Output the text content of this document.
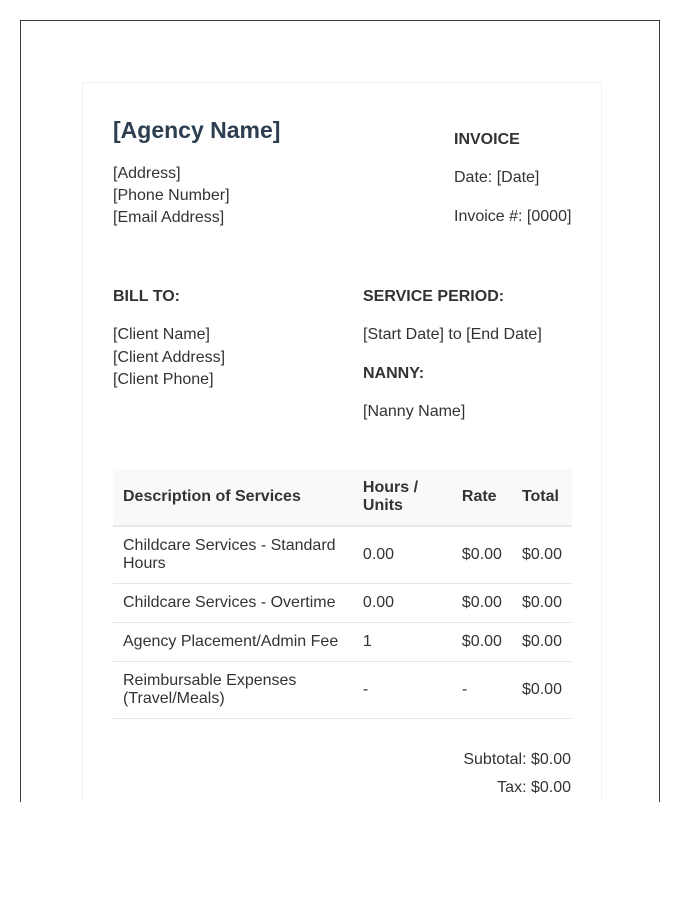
[Agency Name]
[Address]
[Phone Number]
[Email Address]
INVOICE
Date: [Date]
Invoice #: [0000]
BILL TO:
[Client Name]
[Client Address]
[Client Phone]
SERVICE PERIOD:
[Start Date] to [End Date]
NANNY:
[Nanny Name]
Description of Services	Hours / Units	Rate	Total
Childcare Services - Standard Hours	0.00	$0.00	$0.00
Childcare Services - Overtime	0.00	$0.00	$0.00
Agency Placement/Admin Fee	1	$0.00	$0.00
Reimbursable Expenses (Travel/Meals)	-	-	$0.00
Subtotal: $0.00
Tax: $0.00
